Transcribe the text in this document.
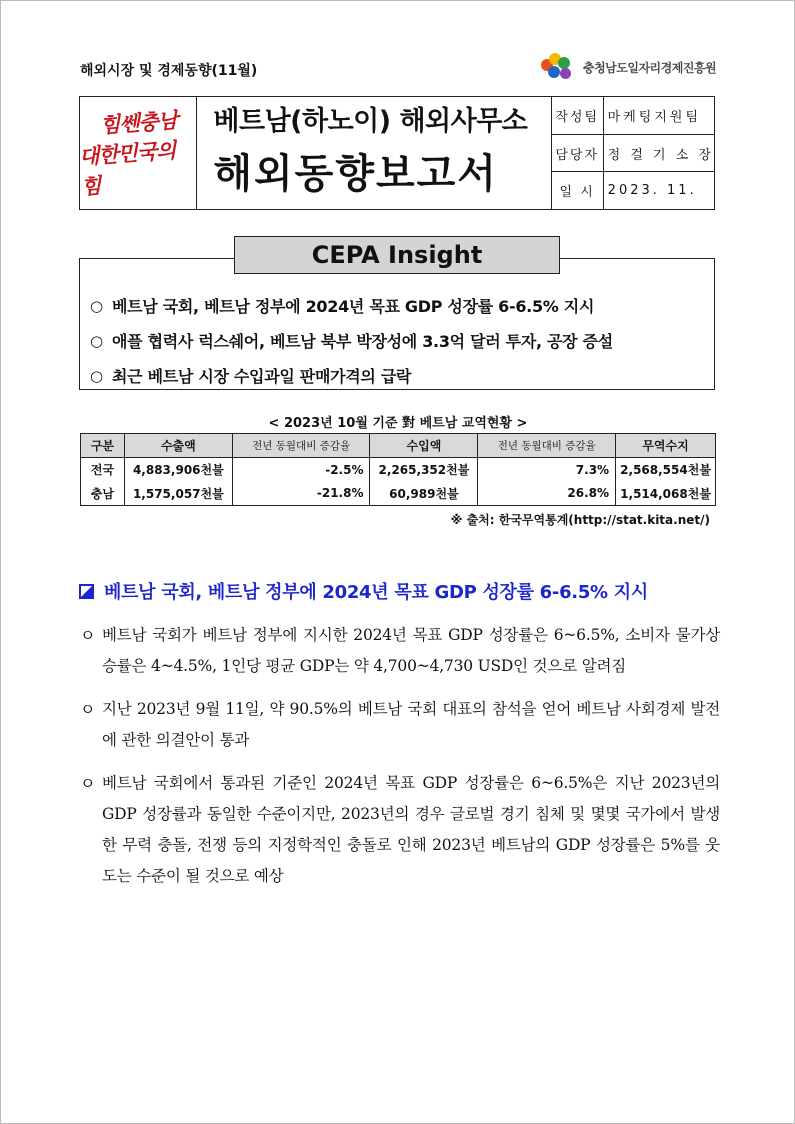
해외시장 및 경제동향(11월)	충청남도일자리경제진흥원
힘쎈충남
대한민국의 힘
베트남(하노이) 해외사무소
해외동향보고서
작성팀 마케팅지원팀
담당자 정 걸 기 소 장
일 시 2023. 11.
CEPA Insight
○ 베트남 국회, 베트남 정부에 2024년 목표 GDP 성장률 6-6.5% 지시
○ 애플 협력사 럭스쉐어, 베트남 북부 박장성에 3.3억 달러 투자, 공장 증설
○ 최근 베트남 시장 수입과일 판매가격의 급락
< 2023년 10월 기준 對 베트남 교역현황 >
구분	수출액	전년 동월대비 증감율	수입액	전년 동월대비 증감율	무역수지
전국	4,883,906천불	-2.5%	2,265,352천불	7.3%	2,568,554천불
충남	1,575,057천불	-21.8%	60,989천불	26.8%	1,514,068천불
※ 출처: 한국무역통계(http://stat.kita.net/)
베트남 국회, 베트남 정부에 2024년 목표 GDP 성장률 6-6.5% 지시
ㅇ 베트남 국회가 베트남 정부에 지시한 2024년 목표 GDP 성장률은 6~6.5%, 소비자 물가상승률은 4~4.5%, 1인당 평균 GDP는 약 4,700~4,730 USD인 것으로 알려짐
ㅇ 지난 2023년 9월 11일, 약 90.5%의 베트남 국회 대표의 참석을 얻어 베트남 사회경제 발전에 관한 의결안이 통과
ㅇ 베트남 국회에서 통과된 기준인 2024년 목표 GDP 성장률은 6~6.5%은 지난 2023년의 GDP 성장률과 동일한 수준이지만, 2023년의 경우 글로벌 경기 침체 및 몇몇 국가에서 발생한 무력 충돌, 전쟁 등의 지정학적인 충돌로 인해 2023년 베트남의 GDP 성장률은 5%를 웃도는 수준이 될 것으로 예상
